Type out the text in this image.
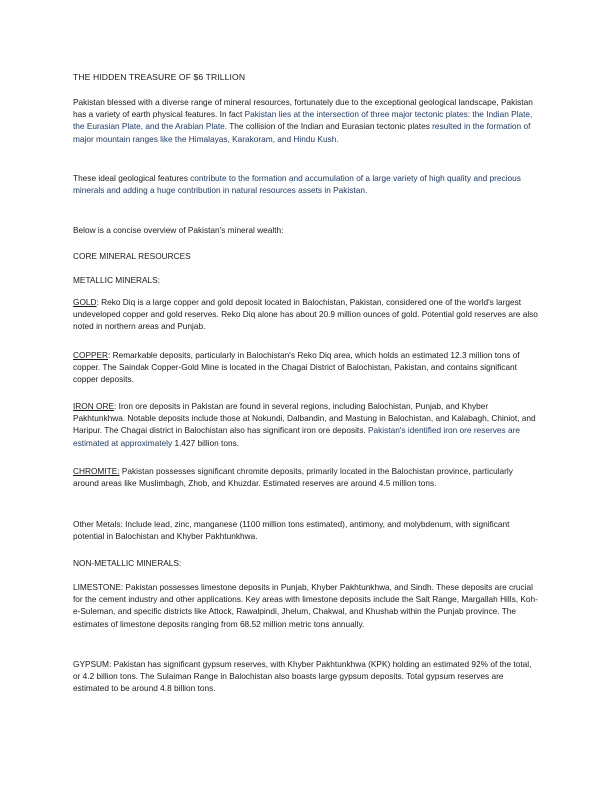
THE HIDDEN TREASURE OF $6 TRILLION

Pakistan blessed with a diverse range of mineral resources, fortunately due to the exceptional geological landscape, Pakistan has a variety of earth physical features. In fact Pakistan lies at the intersection of three major tectonic plates: the Indian Plate, the Eurasian Plate, and the Arabian Plate. The collision of the Indian and Eurasian tectonic plates resulted in the formation of major mountain ranges like the Himalayas, Karakoram, and Hindu Kush.

These ideal geological features contribute to the formation and accumulation of a large variety of high quality and precious minerals and adding a huge contribution in natural resources assets in Pakistan.

Below is a concise overview of Pakistan's mineral wealth:

CORE MINERAL RESOURCES

METALLIC MINERALS:

GOLD: Reko Diq is a large copper and gold deposit located in Balochistan, Pakistan, considered one of the world's largest undeveloped copper and gold reserves. Reko Diq alone has about 20.9 million ounces of gold. Potential gold reserves are also noted in northern areas and Punjab.

COPPER: Remarkable deposits, particularly in Balochistan's Reko Diq area, which holds an estimated 12.3 million tons of copper. The Saindak Copper-Gold Mine is located in the Chagai District of Balochistan, Pakistan, and contains significant copper deposits.

IRON ORE: Iron ore deposits in Pakistan are found in several regions, including Balochistan, Punjab, and Khyber Pakhtunkhwa. Notable deposits include those at Nokundi, Dalbandin, and Mastung in Balochistan, and Kalabagh, Chiniot, and Haripur. The Chagai district in Balochistan also has significant iron ore deposits. Pakistan's identified iron ore reserves are estimated at approximately 1.427 billion tons.

CHROMITE: Pakistan possesses significant chromite deposits, primarily located in the Balochistan province, particularly around areas like Muslimbagh, Zhob, and Khuzdar. Estimated reserves are around 4.5 million tons.

Other Metals: Include lead, zinc, manganese (1100 million tons estimated), antimony, and molybdenum, with significant potential in Balochistan and Khyber Pakhtunkhwa.

NON-METALLIC MINERALS:

LIMESTONE: Pakistan possesses limestone deposits in Punjab, Khyber Pakhtunkhwa, and Sindh. These deposits are crucial for the cement industry and other applications. Key areas with limestone deposits include the Salt Range, Margallah Hills, Koh-e-Suleman, and specific districts like Attock, Rawalpindi, Jhelum, Chakwal, and Khushab within the Punjab province. The estimates of limestone deposits ranging from 68.52 million metric tons annually.

GYPSUM: Pakistan has significant gypsum reserves, with Khyber Pakhtunkhwa (KPK) holding an estimated 92% of the total, or 4.2 billion tons. The Sulaiman Range in Balochistan also boasts large gypsum deposits. Total gypsum reserves are estimated to be around 4.8 billion tons.
